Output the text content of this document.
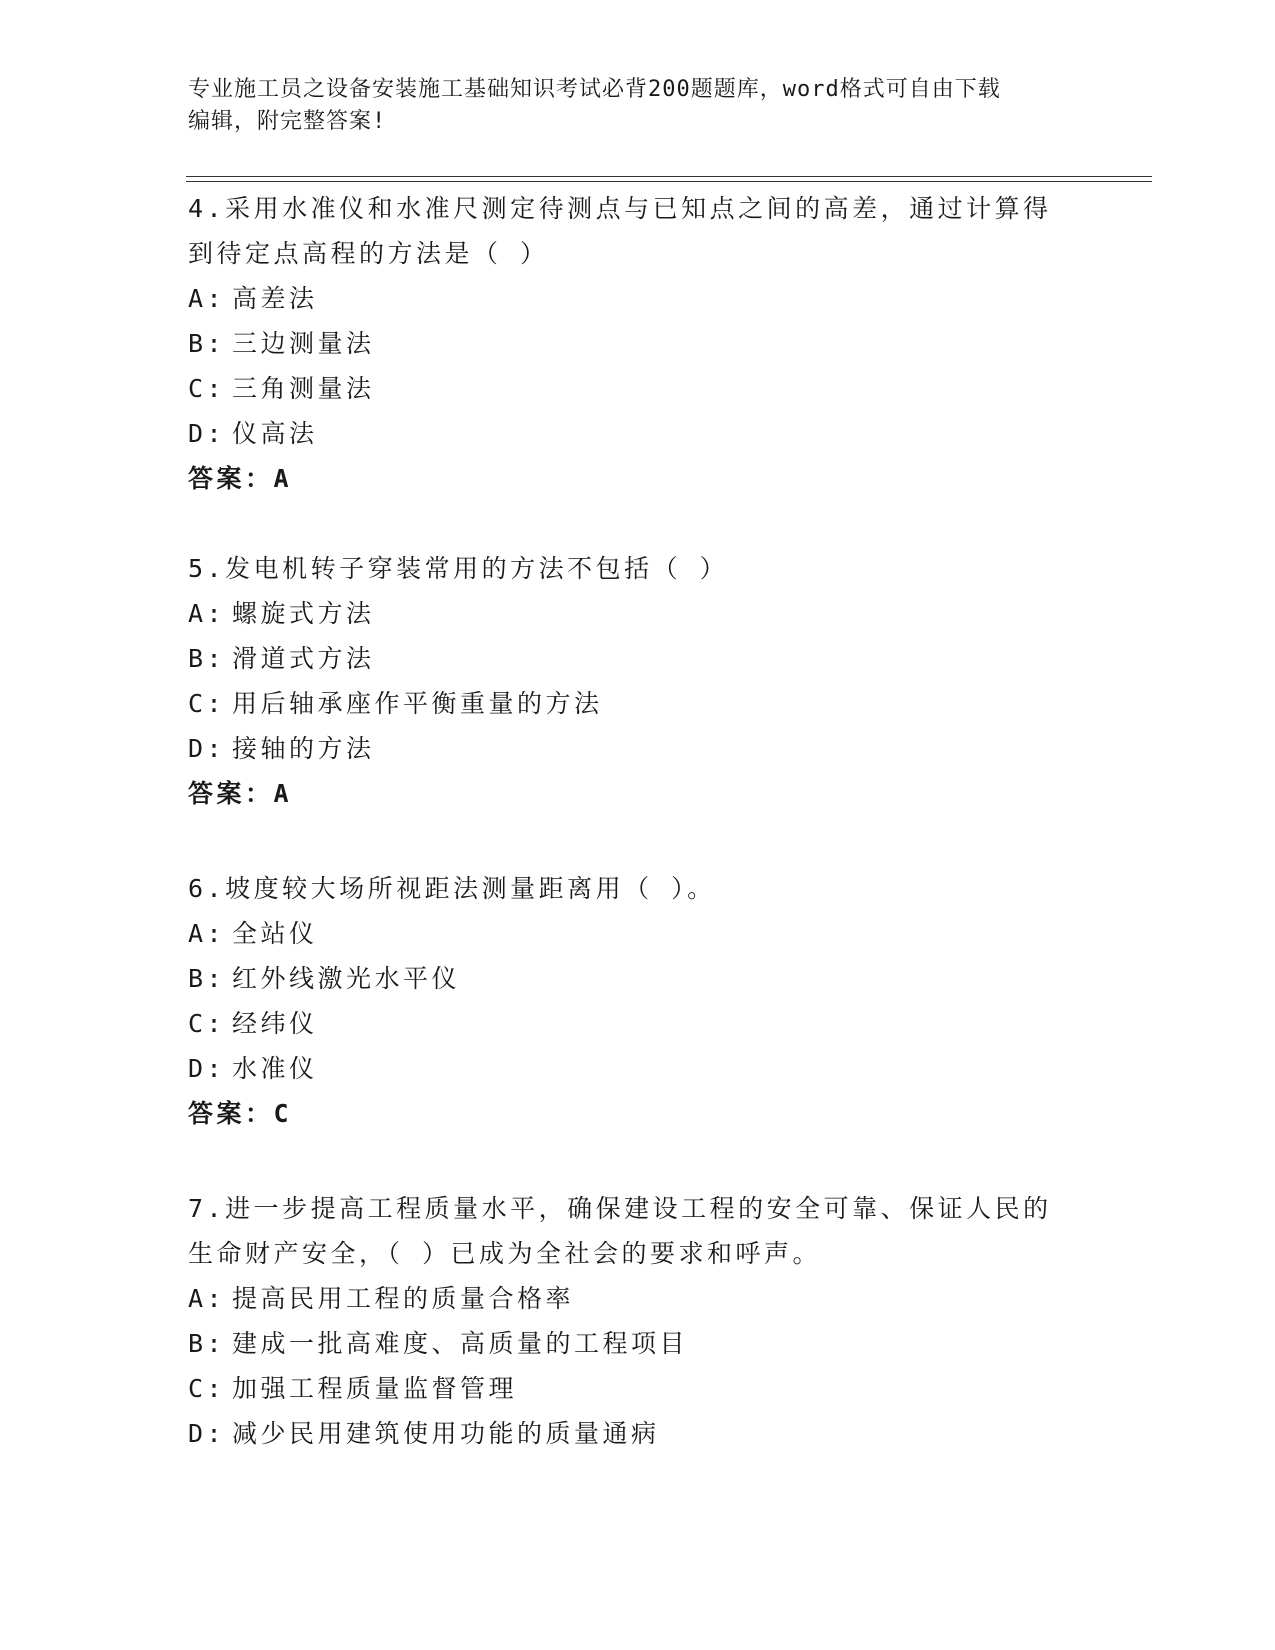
专业施工员之设备安装施工基础知识考试必背200题题库，word格式可自由下载
编辑，附完整答案!
4.采用水准仪和水准尺测定待测点与已知点之间的高差，通过计算得
到待定点高程的方法是（ ）
A: 高差法
B: 三边测量法
C: 三角测量法
D: 仪高法
答案：A
5.发电机转子穿装常用的方法不包括（ ）
A: 螺旋式方法
B: 滑道式方法
C: 用后轴承座作平衡重量的方法
D: 接轴的方法
答案：A
6.坡度较大场所视距法测量距离用（ ）。
A: 全站仪
B: 红外线激光水平仪
C: 经纬仪
D: 水准仪
答案：C
7.进一步提高工程质量水平，确保建设工程的安全可靠、保证人民的
生命财产安全，（ ）已成为全社会的要求和呼声。
A: 提高民用工程的质量合格率
B: 建成一批高难度、高质量的工程项目
C: 加强工程质量监督管理
D: 减少民用建筑使用功能的质量通病
